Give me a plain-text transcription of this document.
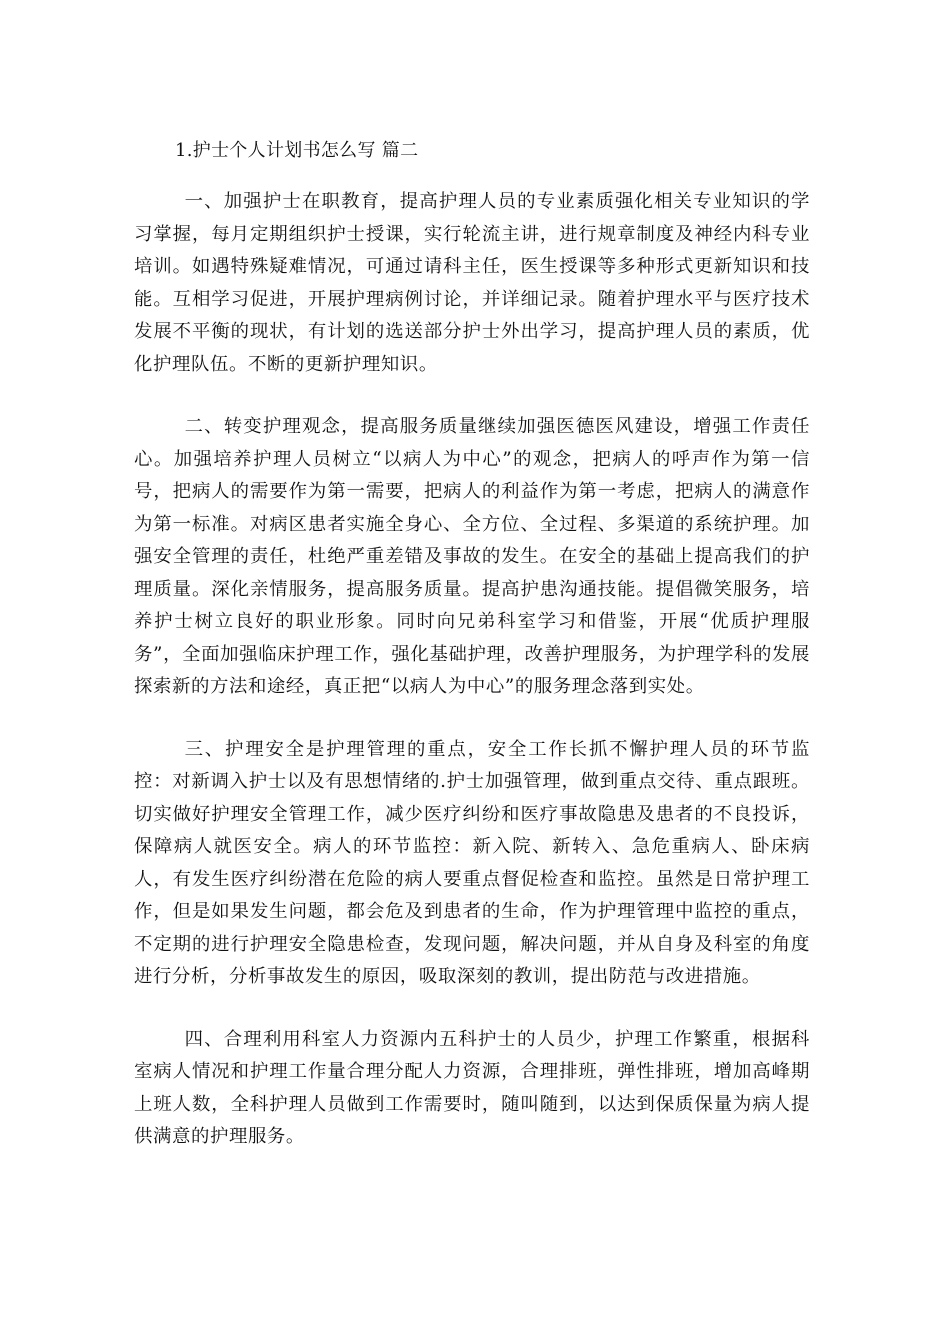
1.护士个人计划书怎么写 篇二

一、加强护士在职教育，提高护理人员的专业素质强化相关专业知识的学习掌握，每月定期组织护士授课，实行轮流主讲，进行规章制度及神经内科专业培训。如遇特殊疑难情况，可通过请科主任，医生授课等多种形式更新知识和技能。互相学习促进，开展护理病例讨论，并详细记录。随着护理水平与医疗技术发展不平衡的现状，有计划的选送部分护士外出学习，提高护理人员的素质，优化护理队伍。不断的更新护理知识。

二、转变护理观念，提高服务质量继续加强医德医风建设，增强工作责任心。加强培养护理人员树立“以病人为中心”的观念，把病人的呼声作为第一信号，把病人的需要作为第一需要，把病人的利益作为第一考虑，把病人的满意作为第一标准。对病区患者实施全身心、全方位、全过程、多渠道的系统护理。加强安全管理的责任，杜绝严重差错及事故的发生。在安全的基础上提高我们的护理质量。深化亲情服务，提高服务质量。提高护患沟通技能。提倡微笑服务，培养护士树立良好的职业形象。同时向兄弟科室学习和借鉴，开展“优质护理服务”，全面加强临床护理工作，强化基础护理，改善护理服务，为护理学科的发展探索新的方法和途经，真正把“以病人为中心”的服务理念落到实处。

三、护理安全是护理管理的重点，安全工作长抓不懈护理人员的环节监控：对新调入护士以及有思想情绪的.护士加强管理，做到重点交待、重点跟班。切实做好护理安全管理工作，减少医疗纠纷和医疗事故隐患及患者的不良投诉，保障病人就医安全。病人的环节监控：新入院、新转入、急危重病人、卧床病人，有发生医疗纠纷潜在危险的病人要重点督促检查和监控。虽然是日常护理工作，但是如果发生问题，都会危及到患者的生命，作为护理管理中监控的重点，不定期的进行护理安全隐患检查，发现问题，解决问题，并从自身及科室的角度进行分析，分析事故发生的原因，吸取深刻的教训，提出防范与改进措施。

四、合理利用科室人力资源内五科护士的人员少，护理工作繁重，根据科室病人情况和护理工作量合理分配人力资源，合理排班，弹性排班，增加高峰期上班人数，全科护理人员做到工作需要时，随叫随到，以达到保质保量为病人提供满意的护理服务。
